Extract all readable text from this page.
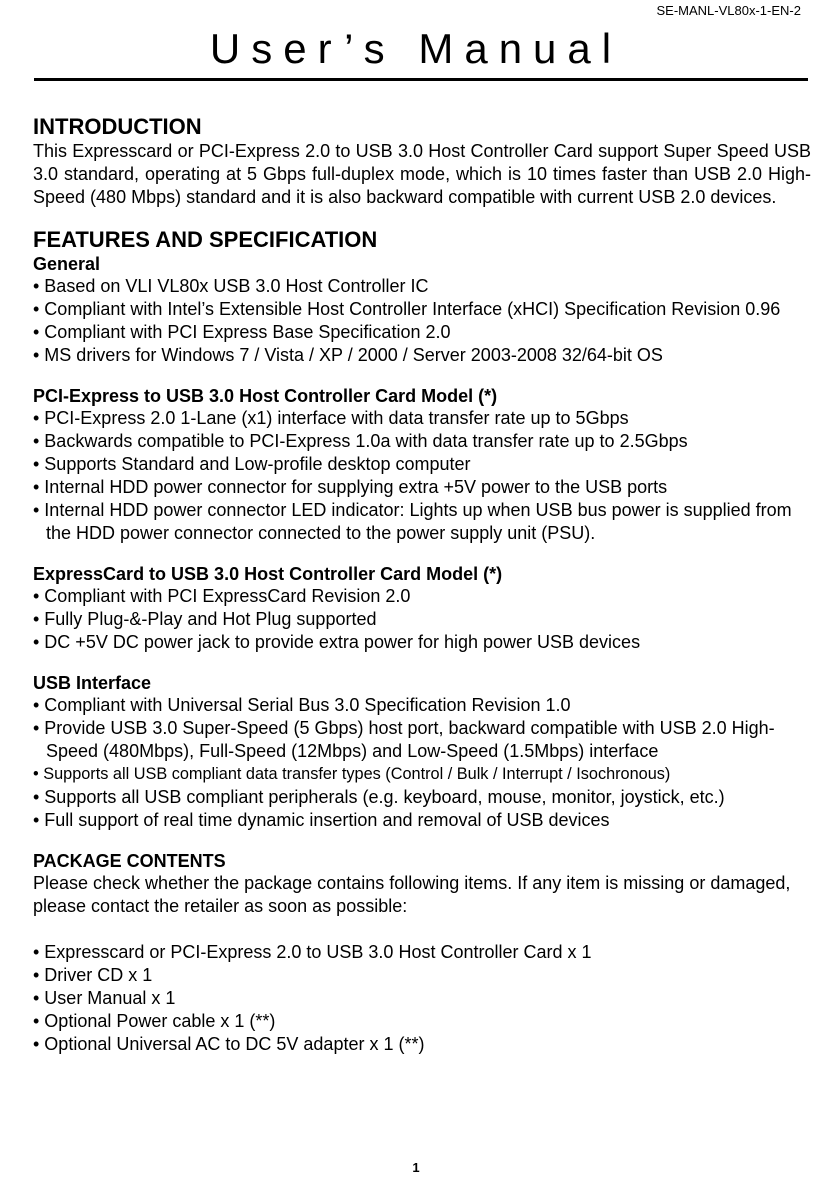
SE-MANL-VL80x-1-EN-2
User’s Manual
INTRODUCTION

This Expresscard or PCI-Express 2.0 to USB 3.0 Host Controller Card support Super Speed USB 3.0 standard, operating at 5 Gbps full-duplex mode, which is 10 times faster than USB 2.0 High-Speed (480 Mbps) standard and it is also backward compatible with current USB 2.0 devices.

FEATURES AND SPECIFICATION
General
• Based on VLI VL80x USB 3.0 Host Controller IC
• Compliant with Intel’s Extensible Host Controller Interface (xHCI) Specification Revision 0.96
• Compliant with PCI Express Base Specification 2.0
• MS drivers for Windows 7 / Vista / XP / 2000 / Server 2003-2008 32/64-bit OS
PCI-Express to USB 3.0 Host Controller Card Model (*)
• PCI-Express 2.0 1-Lane (x1) interface with data transfer rate up to 5Gbps
• Backwards compatible to PCI-Express 1.0a with data transfer rate up to 2.5Gbps
• Supports Standard and Low-profile desktop computer
• Internal HDD power connector for supplying extra +5V power to the USB ports
• Internal HDD power connector LED indicator: Lights up when USB bus power is supplied from the HDD power connector connected to the power supply unit (PSU).
ExpressCard to USB 3.0 Host Controller Card Model (*)
• Compliant with PCI ExpressCard Revision 2.0
• Fully Plug-&-Play and Hot Plug supported
• DC +5V DC power jack to provide extra power for high power USB devices
USB Interface
• Compliant with Universal Serial Bus 3.0 Specification Revision 1.0
• Provide USB 3.0 Super-Speed (5 Gbps) host port, backward compatible with USB 2.0 High-Speed (480Mbps), Full-Speed (12Mbps) and Low-Speed (1.5Mbps) interface
• Supports all USB compliant data transfer types (Control / Bulk / Interrupt / Isochronous)
• Supports all USB compliant peripherals (e.g. keyboard, mouse, monitor, joystick, etc.)
• Full support of real time dynamic insertion and removal of USB devices
PACKAGE CONTENTS

Please check whether the package contains following items. If any item is missing or damaged, please contact the retailer as soon as possible:

• Expresscard or PCI-Express 2.0 to USB 3.0 Host Controller Card x 1
• Driver CD x 1
• User Manual x 1
• Optional Power cable x 1 (**)
• Optional Universal AC to DC 5V adapter x 1 (**)
1
